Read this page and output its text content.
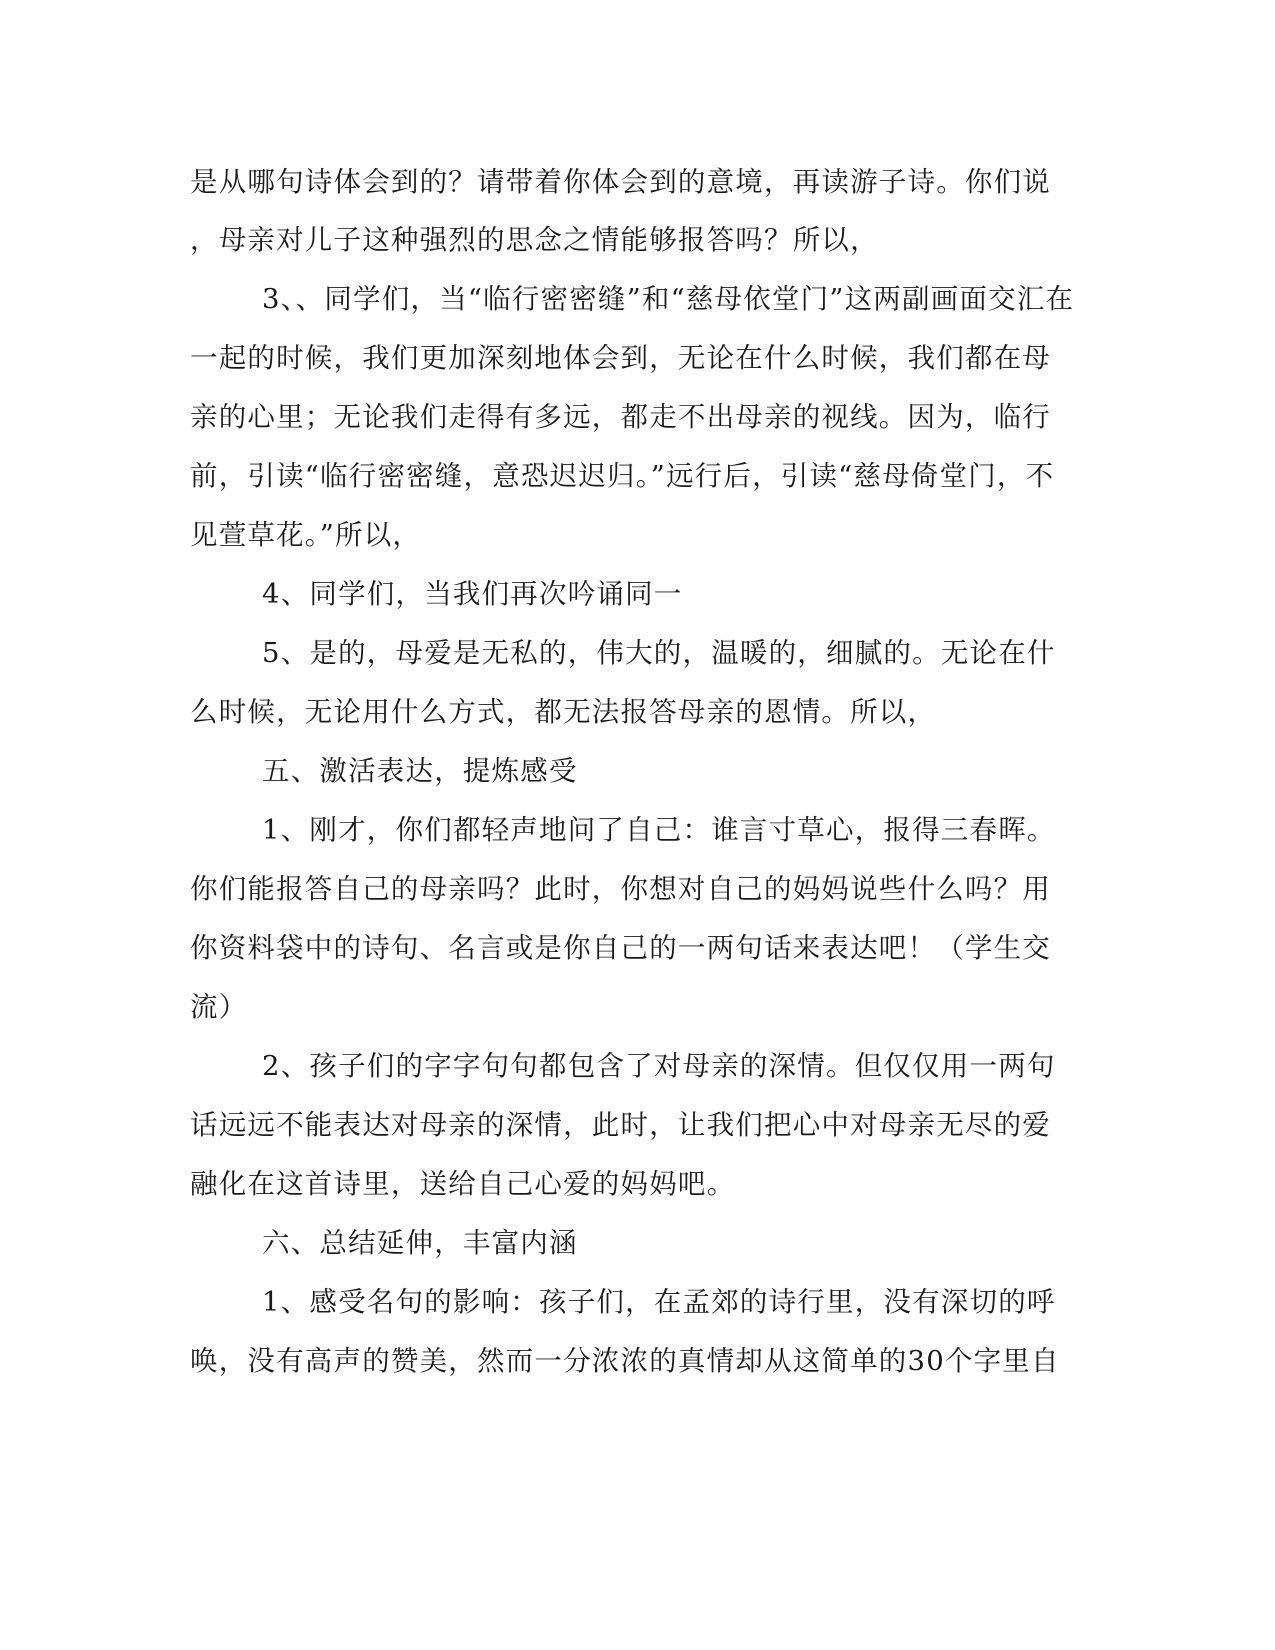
是从哪句诗体会到的？请带着你体会到的意境，再读游子诗。你们说
，母亲对儿子这种强烈的思念之情能够报答吗？所以，
3、、同学们，当“临行密密缝”和“慈母依堂门”这两副画面交汇在
一起的时候，我们更加深刻地体会到，无论在什么时候，我们都在母
亲的心里；无论我们走得有多远，都走不出母亲的视线。因为，临行
前，引读“临行密密缝，意恐迟迟归。”远行后，引读“慈母倚堂门，不
见萱草花。”所以，
4、同学们，当我们再次吟诵同一
5、是的，母爱是无私的，伟大的，温暖的，细腻的。无论在什
么时候，无论用什么方式，都无法报答母亲的恩情。所以，
五、激活表达，提炼感受
1、刚才，你们都轻声地问了自己：谁言寸草心，报得三春晖。
你们能报答自己的母亲吗？此时，你想对自己的妈妈说些什么吗？用
你资料袋中的诗句、名言或是你自己的一两句话来表达吧！（学生交
流）
2、孩子们的字字句句都包含了对母亲的深情。但仅仅用一两句
话远远不能表达对母亲的深情，此时，让我们把心中对母亲无尽的爱
融化在这首诗里，送给自己心爱的妈妈吧。
六、总结延伸，丰富内涵
1、感受名句的影响：孩子们，在孟郊的诗行里，没有深切的呼
唤，没有高声的赞美，然而一分浓浓的真情却从这简单的30个字里自
